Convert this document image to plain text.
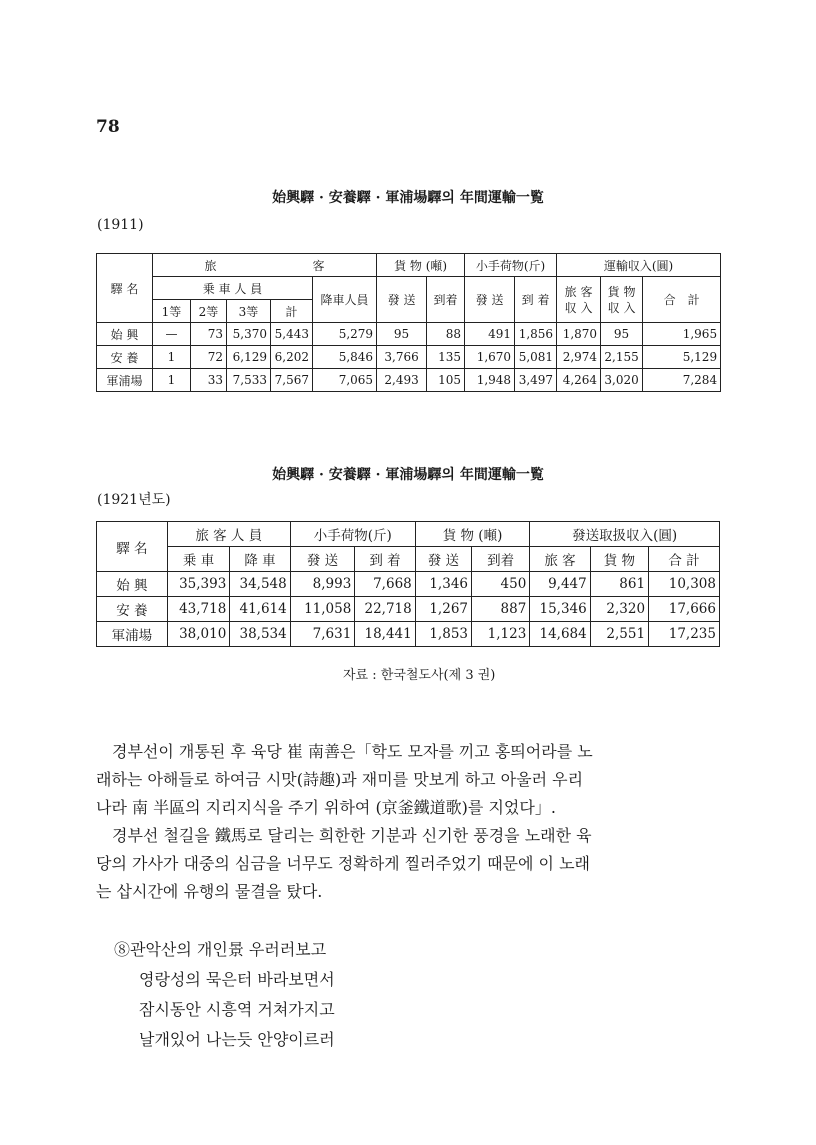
78
始興驛 · 安養驛 · 軍浦場驛의 年間運輸一覧
(1911)
驛 名	旅　　　　　　　　客					貨 物 (噸)		小手荷物(斤)		運輸収入(圓)		
	乗 車 人 員				降車人員	發 送	到着	發 送	到 着	旅 客 収 入	貨 物 収 入	合　計
	1等	2等	3等	計								
始 興	—	73	5,370	5,443	5,279	95	88	491	1,856	1,870	95	1,965
安 養	1	72	6,129	6,202	5,846	3,766	135	1,670	5,081	2,974	2,155	5,129
軍浦場	1	33	7,533	7,567	7,065	2,493	105	1,948	3,497	4,264	3,020	7,284
始興驛 · 安養驛 · 軍浦場驛의 年間運輸一覧
(1921년도)
驛 名	旅 客 人 員		小手荷物(斤)		貨 物 (噸)		發送取扱収入(圓)		
	乗 車	降 車	發 送	到 着	發 送	到着	旅 客	貨 物	合 計
始 興	35,393	34,548	8,993	7,668	1,346	450	9,447	861	10,308
安 養	43,718	41,614	11,058	22,718	1,267	887	15,346	2,320	17,666
軍浦場	38,010	38,534	7,631	18,441	1,853	1,123	14,684	2,551	17,235
자료 : 한국철도사(제 3 권)
　경부선이 개통된 후 육당 崔 南善은「학도 모자를 끼고 홍띄어라를 노
래하는 아해들로 하여금 시맛(詩趣)과 재미를 맛보게 하고 아울러 우리
나라 南 半區의 지리지식을 주기 위하여 (京釜鐵道歌)를 지었다」.
　경부선 철길을 鐵馬로 달리는 희한한 기분과 신기한 풍경을 노래한 육
당의 가사가 대중의 심금을 너무도 정확하게 찔러주었기 때문에 이 노래
는 삽시간에 유행의 물결을 탔다.
⑧관악산의 개인景 우러러보고
영랑성의 묵은터 바라보면서
잠시동안 시흥역 거쳐가지고
날개있어 나는듯 안양이르러
